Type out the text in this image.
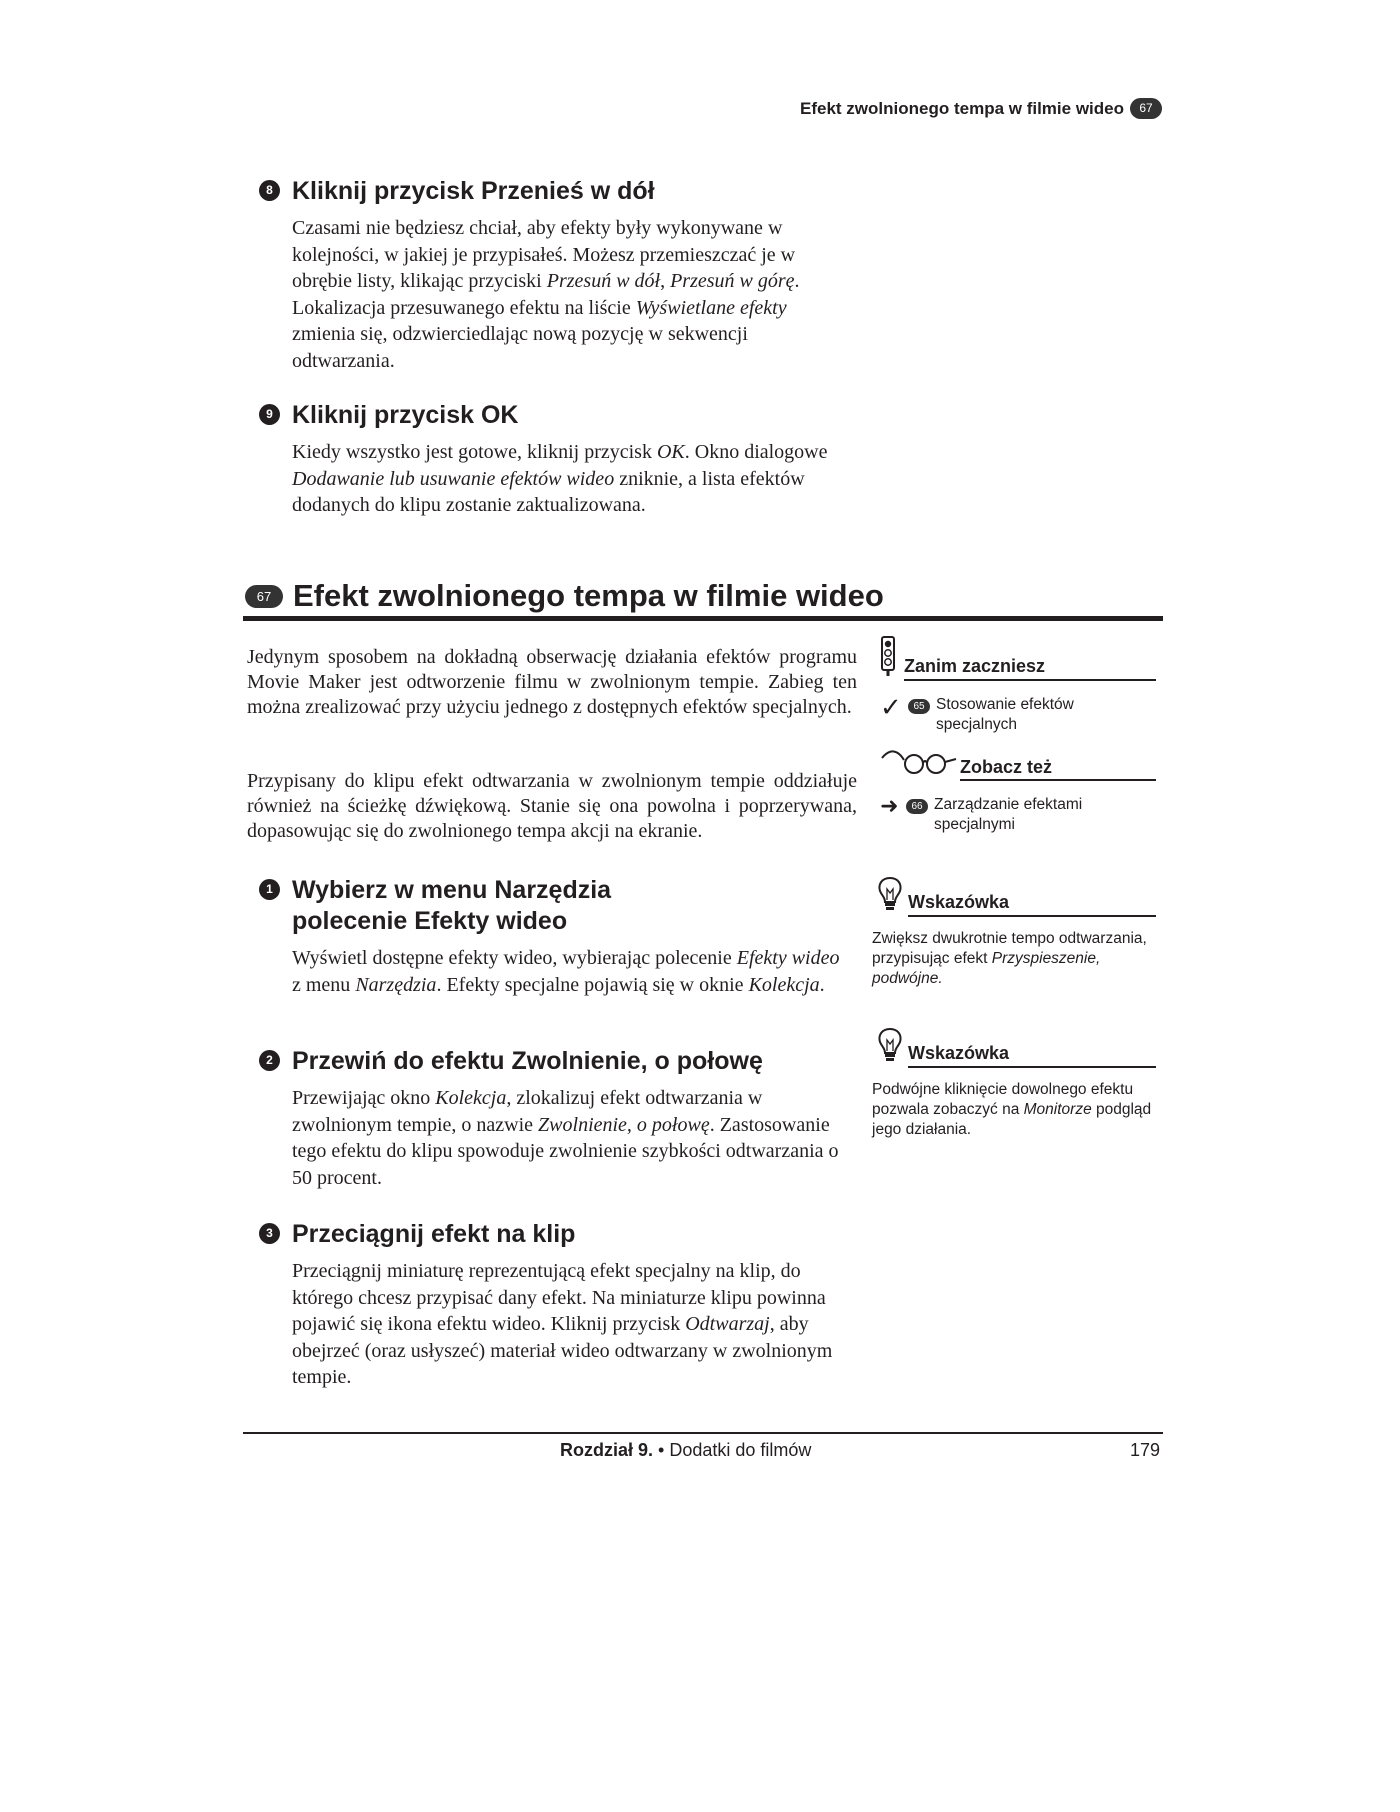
Efekt zwolnionego tempa w filmie wideo	67
8 Kliknij przycisk Przenieś w dół
Czasami nie będziesz chciał, aby efekty były wykonywane w kolejności, w jakiej je przypisałeś. Możesz przemieszczać je w obrębie listy, klikając przyciski Przesuń w dół, Przesuń w górę. Lokalizacja przesuwanego efektu na liście Wyświetlane efekty zmienia się, odzwierciedlając nową pozycję w sekwencji odtwarzania.
9 Kliknij przycisk OK
Kiedy wszystko jest gotowe, kliknij przycisk OK. Okno dialogowe Dodawanie lub usuwanie efektów wideo zniknie, a lista efektów dodanych do klipu zostanie zaktualizowana.
67 Efekt zwolnionego tempa w filmie wideo
Jedynym sposobem na dokładną obserwację działania efektów programu Movie Maker jest odtworzenie filmu w zwolnionym tempie. Zabieg ten można zrealizować przy użyciu jednego z dostępnych efektów specjalnych.
Przypisany do klipu efekt odtwarzania w zwolnionym tempie oddziałuje również na ścieżkę dźwiękową. Stanie się ona powolna i poprzerywana, dopasowując się do zwolnionego tempa akcji na ekranie.
1 Wybierz w menu Narzędzia polecenie Efekty wideo
Wyświetl dostępne efekty wideo, wybierając polecenie Efekty wideo z menu Narzędzia. Efekty specjalne pojawią się w oknie Kolekcja.
2 Przewiń do efektu Zwolnienie, o połowę
Przewijając okno Kolekcja, zlokalizuj efekt odtwarzania w zwolnionym tempie, o nazwie Zwolnienie, o połowę. Zastosowanie tego efektu do klipu spowoduje zwolnienie szybkości odtwarzania o 50 procent.
3 Przeciągnij efekt na klip
Przeciągnij miniaturę reprezentującą efekt specjalny na klip, do którego chcesz przypisać dany efekt. Na miniaturze klipu powinna pojawić się ikona efektu wideo. Kliknij przycisk Odtwarzaj, aby obejrzeć (oraz usłyszeć) materiał wideo odtwarzany w zwolnionym tempie.
Zanim zaczniesz
✓	65 Stosowanie efektów specjalnych
Zobacz też
➜	66 Zarządzanie efektami specjalnymi
Wskazówka
Zwiększ dwukrotnie tempo odtwarzania, przypisując efekt Przyspieszenie, podwójne.
Wskazówka
Podwójne kliknięcie dowolnego efektu pozwala zobaczyć na Monitorze podgląd jego działania.
Rozdział 9. • Dodatki do filmów	179
